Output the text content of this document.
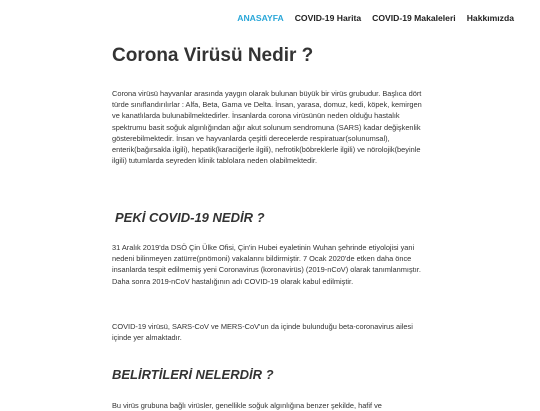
ANASAYFA COVID-19 Harita COVID-19 Makaleleri Hakkımızda
Corona Virüsü Nedir ?

Corona virüsü hayvanlar arasında yaygın olarak bulunan büyük bir virüs grubudur. Başlıca dört türde sınıflandırılırlar : Alfa, Beta, Gama ve Delta. İnsan, yarasa, domuz, kedi, köpek, kemirgen ve kanatlılarda bulunabilmektedirler. İnsanlarda corona virüsünün neden olduğu hastalık spektrumu basit soğuk algınlığından ağır akut solunum sendromuna (SARS) kadar değişkenlik gösterebilmektedir. İnsan ve hayvanlarda çeşitli derecelerde respiratuar(solunumsal), enterik(bağırsakla ilgili), hepatik(karaciğerle ilgili), nefrotik(böbreklerle ilgili) ve nörolojik(beyinle ilgili) tutumlarda seyreden klinik tablolara neden olabilmektedir.

PEKİ COVID-19 NEDİR ?

31 Aralık 2019'da DSÖ Çin Ülke Ofisi, Çin'in Hubei eyaletinin Wuhan şehrinde etiyolojisi yani nedeni bilinmeyen zatürre(pnömoni) vakalarını bildirmiştir. 7 Ocak 2020'de etken daha önce insanlarda tespit edilmemiş yeni Coronavirus (koronavirüs) (2019-nCoV) olarak tanımlanmıştır. Daha sonra 2019-nCoV hastalığının adı COVID-19 olarak kabul edilmiştir.

COVID-19 virüsü, SARS-CoV ve MERS-CoV'un da içinde bulunduğu beta-coronavirus ailesi içinde yer almaktadır.

BELİRTİLERİ NELERDİR ?

Bu virüs grubuna bağlı virüsler, genellikle soğuk algınlığına benzer şekilde, hafif ve
